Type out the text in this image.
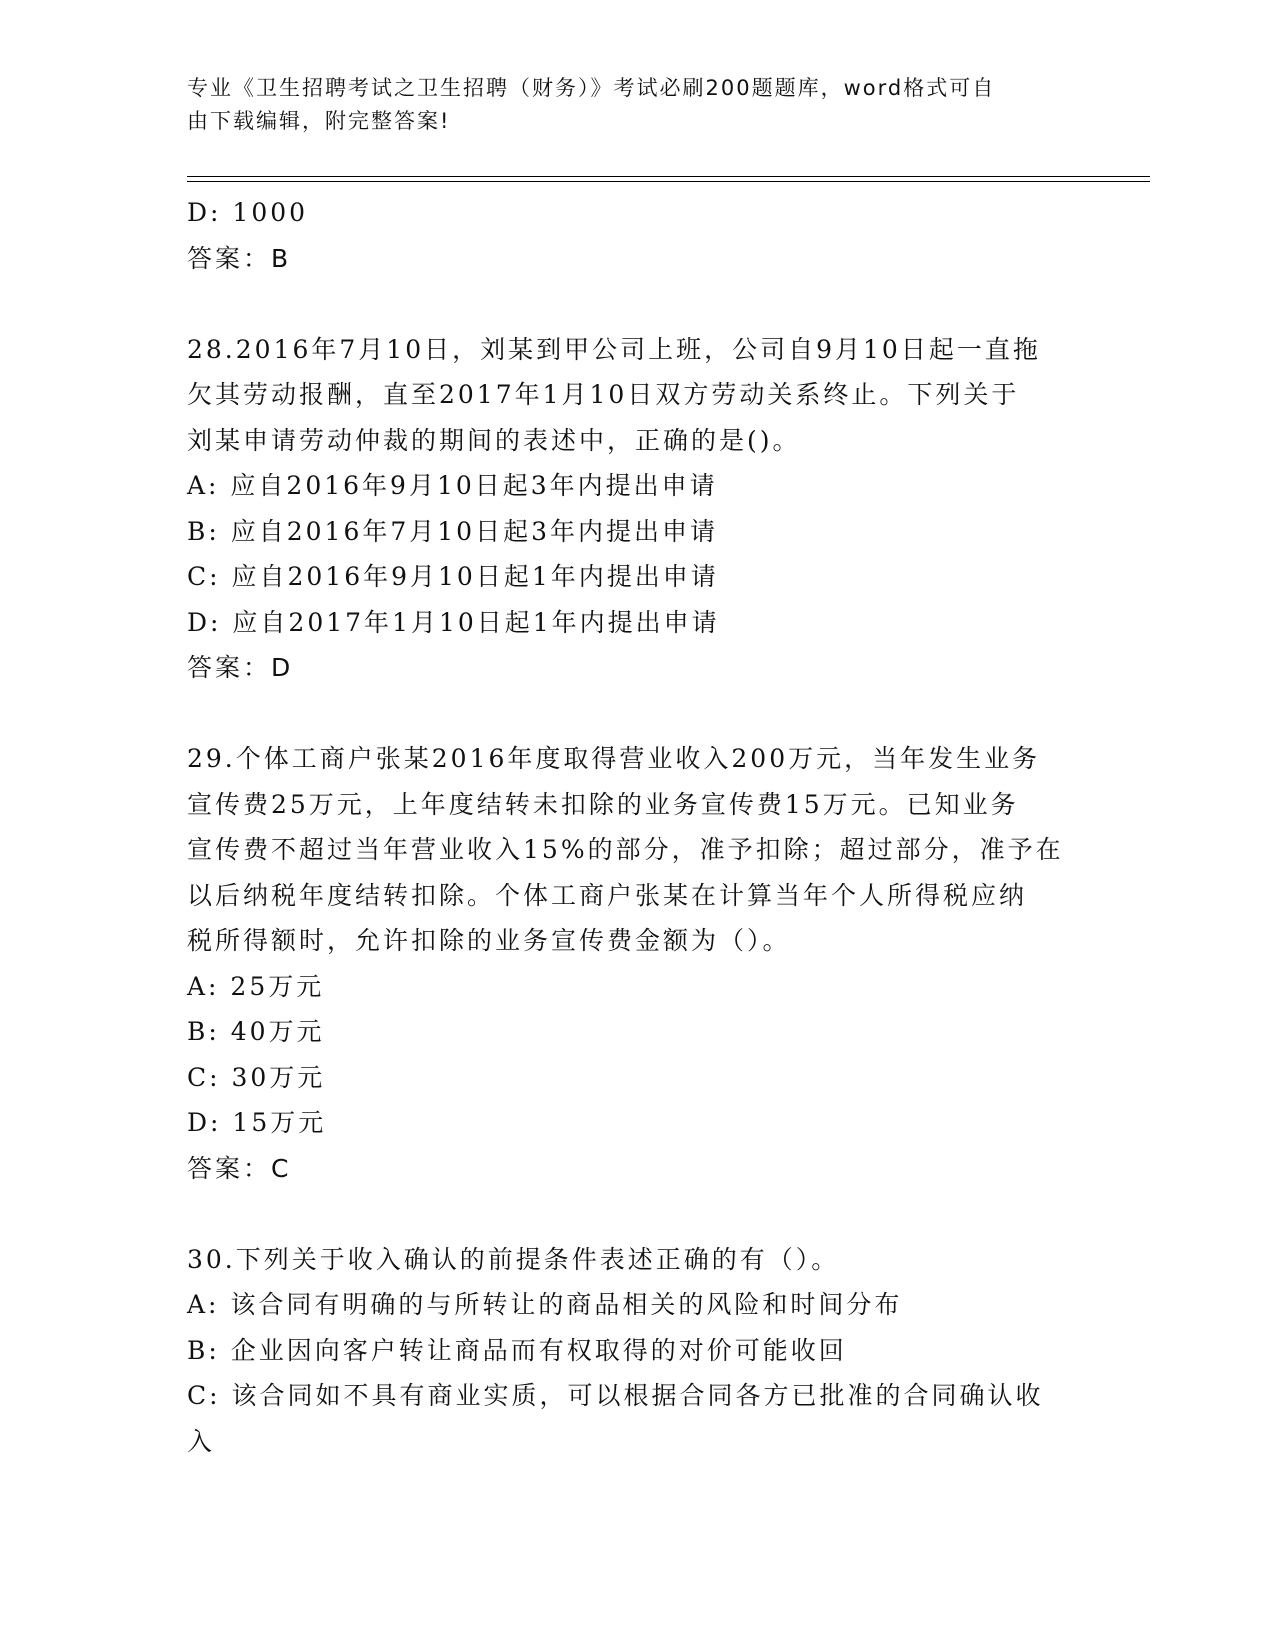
专业《卫生招聘考试之卫生招聘（财务）》考试必刷200题题库，word格式可自
由下载编辑，附完整答案!
D: 1000
答案：B
28.2016年7月10日，刘某到甲公司上班，公司自9月10日起一直拖
欠其劳动报酬，直至2017年1月10日双方劳动关系终止。下列关于
刘某申请劳动仲裁的期间的表述中，正确的是()。
A: 应自2016年9月10日起3年内提出申请
B: 应自2016年7月10日起3年内提出申请
C: 应自2016年9月10日起1年内提出申请
D: 应自2017年1月10日起1年内提出申请
答案：D
29.个体工商户张某2016年度取得营业收入200万元，当年发生业务
宣传费25万元，上年度结转未扣除的业务宣传费15万元。已知业务
宣传费不超过当年营业收入15%的部分，准予扣除；超过部分，准予在
以后纳税年度结转扣除。个体工商户张某在计算当年个人所得税应纳
税所得额时，允许扣除的业务宣传费金额为（）。
A: 25万元
B: 40万元
C: 30万元
D: 15万元
答案：C
30.下列关于收入确认的前提条件表述正确的有（）。
A: 该合同有明确的与所转让的商品相关的风险和时间分布
B: 企业因向客户转让商品而有权取得的对价可能收回
C: 该合同如不具有商业实质，可以根据合同各方已批准的合同确认收
入
